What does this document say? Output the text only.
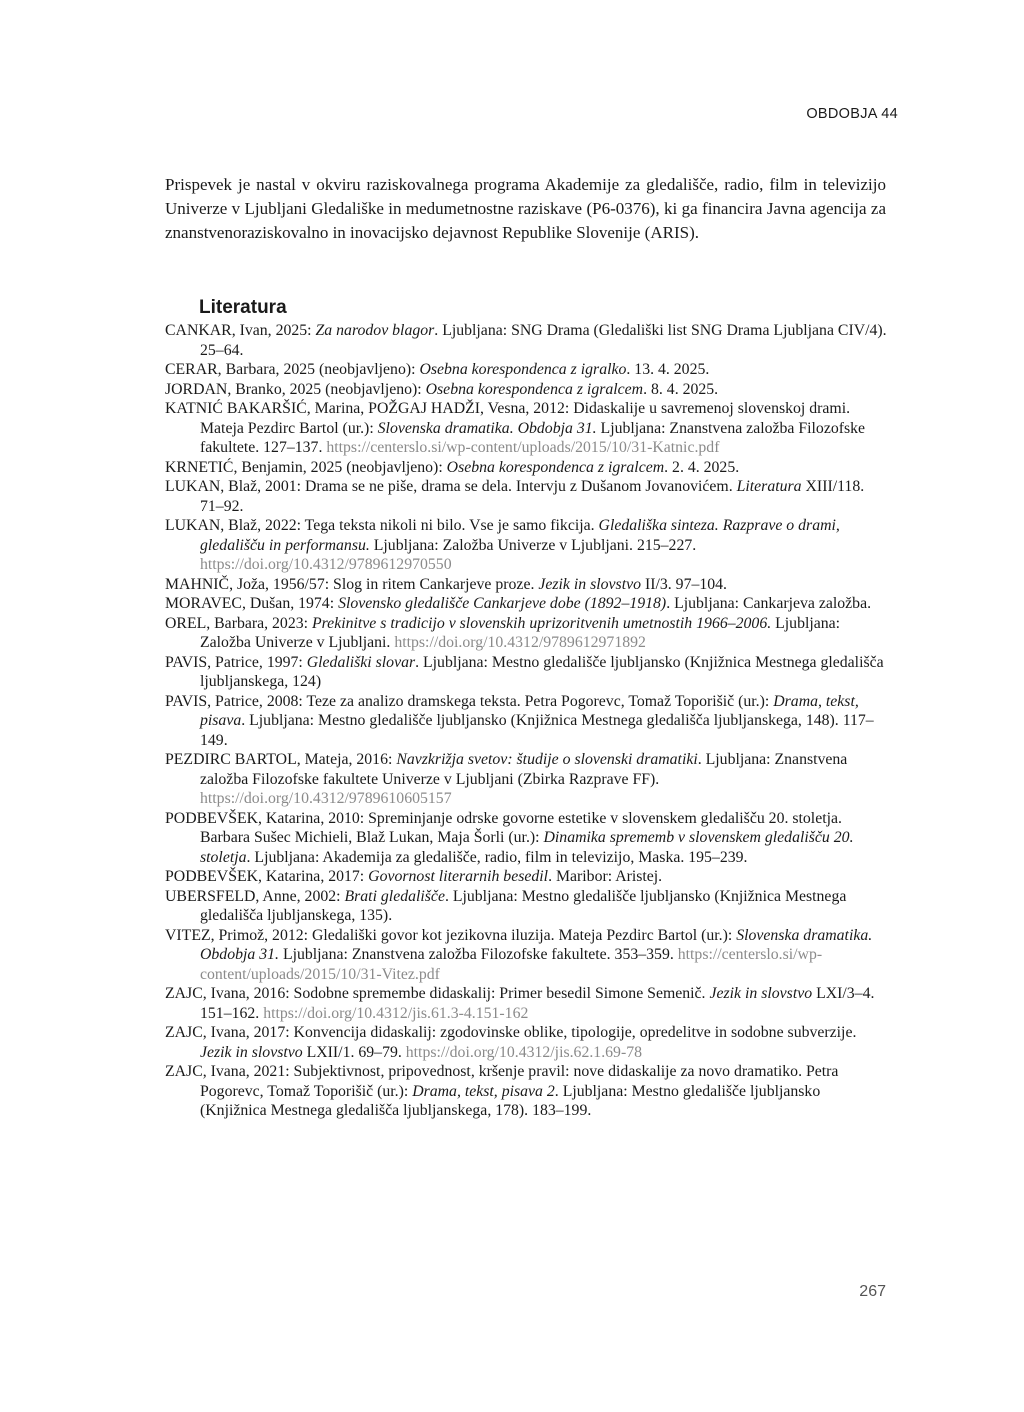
OBDOBJA 44

Prispevek je nastal v okviru raziskovalnega programa Akademije za gledališče, radio, film in televizijo Univerze v Ljubljani Gledališke in medumetnostne raziskave (P6-0376), ki ga financira Javna agencija za znanstvenoraziskovalno in inovacijsko dejavnost Republike Slovenije (ARIS).

Literatura
CANKAR, Ivan, 2025: Za narodov blagor. Ljubljana: SNG Drama (Gledališki list SNG Drama Ljubljana CIV/4). 25–64.
CERAR, Barbara, 2025 (neobjavljeno): Osebna korespondenca z igralko. 13. 4. 2025.
JORDAN, Branko, 2025 (neobjavljeno): Osebna korespondenca z igralcem. 8. 4. 2025.
KATNIĆ BAKARŠIĆ, Marina, POŽGAJ HADŽI, Vesna, 2012: Didaskalije u savremenoj slovenskoj drami. Mateja Pezdirc Bartol (ur.): Slovenska dramatika. Obdobja 31. Ljubljana: Znanstvena založba Filozofske fakultete. 127–137. https://centerslo.si/wp-content/uploads/2015/10/31-Katnic.pdf
KRNETIĆ, Benjamin, 2025 (neobjavljeno): Osebna korespondenca z igralcem. 2. 4. 2025.
LUKAN, Blaž, 2001: Drama se ne piše, drama se dela. Intervju z Dušanom Jovanovićem. Literatura XIII/118. 71–92.
LUKAN, Blaž, 2022: Tega teksta nikoli ni bilo. Vse je samo fikcija. Gledališka sinteza. Razprave o drami, gledališču in performansu. Ljubljana: Založba Univerze v Ljubljani. 215–227. https://doi.org/10.4312/9789612970550
MAHNIČ, Joža, 1956/57: Slog in ritem Cankarjeve proze. Jezik in slovstvo II/3. 97–104.
MORAVEC, Dušan, 1974: Slovensko gledališče Cankarjeve dobe (1892–1918). Ljubljana: Cankarjeva založba.
OREL, Barbara, 2023: Prekinitve s tradicijo v slovenskih uprizoritvenih umetnostih 1966–2006. Ljubljana: Založba Univerze v Ljubljani. https://doi.org/10.4312/9789612971892
PAVIS, Patrice, 1997: Gledališki slovar. Ljubljana: Mestno gledališče ljubljansko (Knjižnica Mestnega gledališča ljubljanskega, 124)
PAVIS, Patrice, 2008: Teze za analizo dramskega teksta. Petra Pogorevc, Tomaž Toporišič (ur.): Drama, tekst, pisava. Ljubljana: Mestno gledališče ljubljansko (Knjižnica Mestnega gledališča ljubljanskega, 148). 117–149.
PEZDIRC BARTOL, Mateja, 2016: Navzkrižja svetov: študije o slovenski dramatiki. Ljubljana: Znanstvena založba Filozofske fakultete Univerze v Ljubljani (Zbirka Razprave FF). https://doi.org/10.4312/9789610605157
PODBEVŠEK, Katarina, 2010: Spreminjanje odrske govorne estetike v slovenskem gledališču 20. stoletja. Barbara Sušec Michieli, Blaž Lukan, Maja Šorli (ur.): Dinamika sprememb v slovenskem gledališču 20. stoletja. Ljubljana: Akademija za gledališče, radio, film in televizijo, Maska. 195–239.
PODBEVŠEK, Katarina, 2017: Govornost literarnih besedil. Maribor: Aristej.
UBERSFELD, Anne, 2002: Brati gledališče. Ljubljana: Mestno gledališče ljubljansko (Knjižnica Mestnega gledališča ljubljanskega, 135).
VITEZ, Primož, 2012: Gledališki govor kot jezikovna iluzija. Mateja Pezdirc Bartol (ur.): Slovenska dramatika. Obdobja 31. Ljubljana: Znanstvena založba Filozofske fakultete. 353–359. https://centerslo.si/wp-content/uploads/2015/10/31-Vitez.pdf
ZAJC, Ivana, 2016: Sodobne spremembe didaskalij: Primer besedil Simone Semenič. Jezik in slovstvo LXI/3–4. 151–162. https://doi.org/10.4312/jis.61.3-4.151-162
ZAJC, Ivana, 2017: Konvencija didaskalij: zgodovinske oblike, tipologije, opredelitve in sodobne subverzije. Jezik in slovstvo LXII/1. 69–79. https://doi.org/10.4312/jis.62.1.69-78
ZAJC, Ivana, 2021: Subjektivnost, pripovednost, kršenje pravil: nove didaskalije za novo dramatiko. Petra Pogorevc, Tomaž Toporišič (ur.): Drama, tekst, pisava 2. Ljubljana: Mestno gledališče ljubljansko (Knjižnica Mestnega gledališča ljubljanskega, 178). 183–199.
267
